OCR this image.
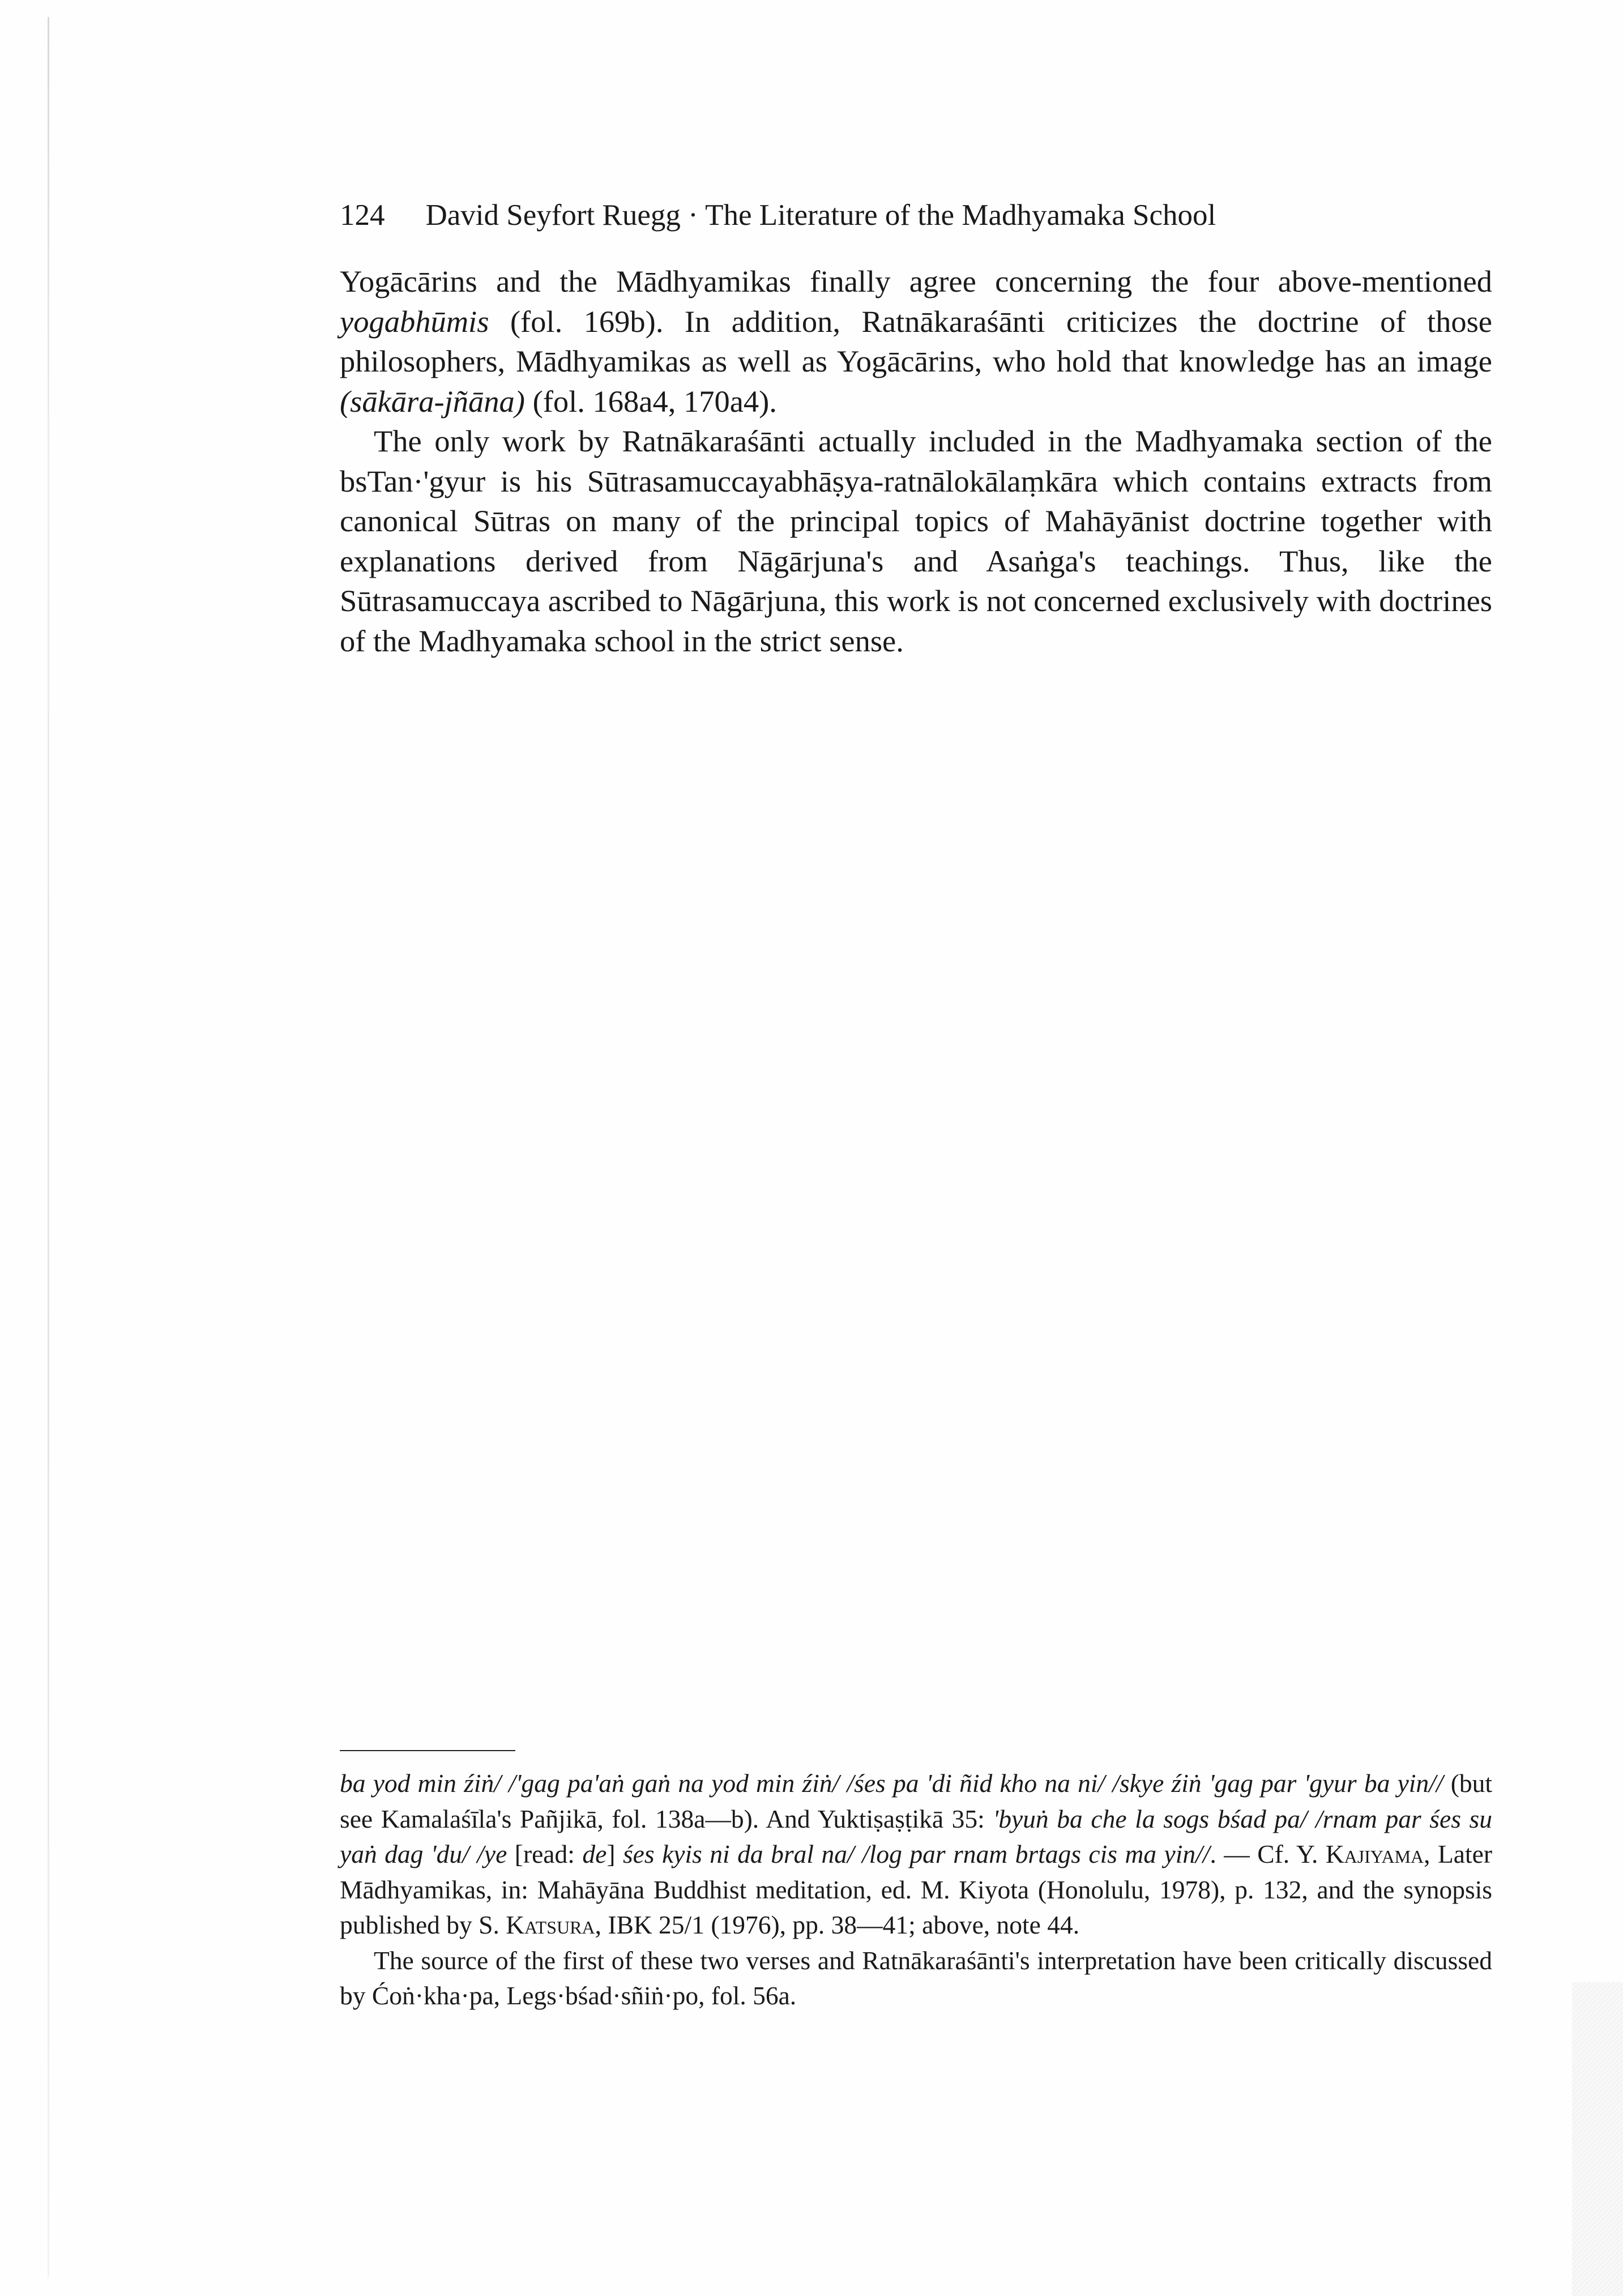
124 David Seyfort Ruegg · The Literature of the Madhyamaka School

Yogācārins and the Mādhyamikas finally agree concerning the four above-mentioned yogabhūmis (fol. 169b). In addition, Ratnākaraśānti criticizes the doctrine of those philosophers, Mādhyamikas as well as Yogācārins, who hold that knowledge has an image (sākāra-jñāna) (fol. 168a4, 170a4).

The only work by Ratnākaraśānti actually included in the Madhyamaka section of the bsTan·'gyur is his Sūtrasamuccayabhāṣya-ratnālokālaṃkāra which contains extracts from canonical Sūtras on many of the principal topics of Mahāyānist doctrine together with explanations derived from Nāgārjuna's and Asaṅga's teachings. Thus, like the Sūtrasamuccaya ascribed to Nāgārjuna, this work is not concerned exclusively with doctrines of the Madhyamaka school in the strict sense.

ba yod min źiṅ/ /'gag pa'aṅ gaṅ na yod min źiṅ/ /śes pa 'di ñid kho na ni/ /skye źiṅ 'gag par 'gyur ba yin// (but see Kamalaśīla's Pañjikā, fol. 138a—b). And Yuktiṣaṣṭikā 35: 'byuṅ ba che la sogs bśad pa/ /rnam par śes su yaṅ dag 'du/ /ye [read: de] śes kyis ni da bral na/ /log par rnam brtags cis ma yin//. — Cf. Y. Kajiyama, Later Mādhyamikas, in: Mahāyāna Buddhist meditation, ed. M. Kiyota (Honolulu, 1978), p. 132, and the synopsis published by S. Katsura, IBK 25/1 (1976), pp. 38—41; above, note 44.

The source of the first of these two verses and Ratnākaraśānti's interpretation have been critically discussed by Ćoṅ·kha·pa, Legs·bśad·sñiṅ·po, fol. 56a.
